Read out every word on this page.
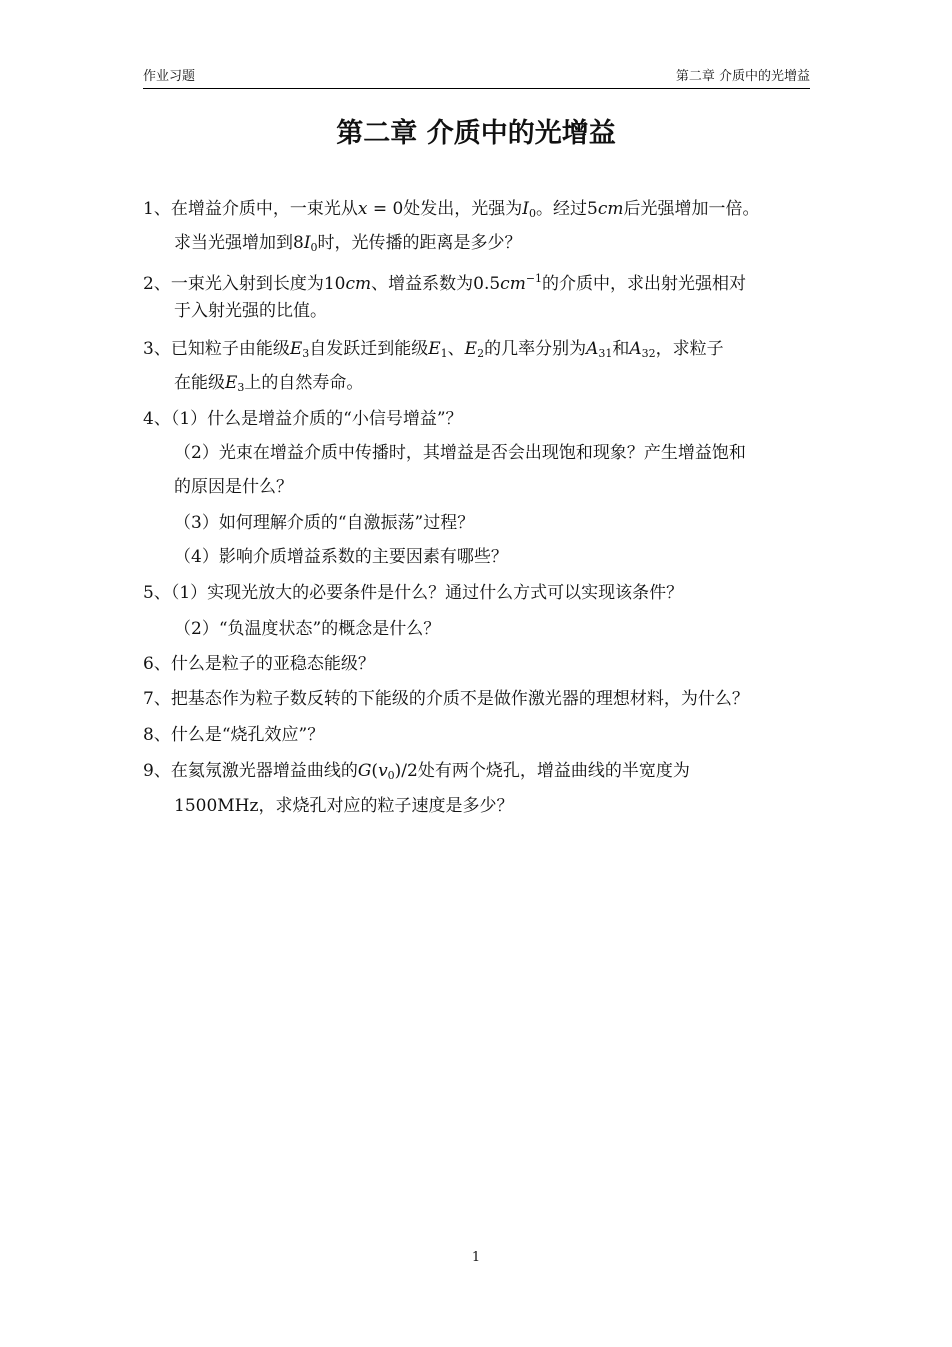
作业习题	第二章 介质中的光增益
第二章 介质中的光增益
1、在增益介质中，一束光从x = 0处发出，光强为$I_0$。经过5cm后光强增加一倍。
求当光强增加到$8I_0$时，光传播的距离是多少？
2、一束光入射到长度为10cm、增益系数为$0.5cm^{-1}$的介质中，求出射光强相对
于入射光强的比值。
3、已知粒子由能级$E_3$自发跃迁到能级$E_1$、$E_2$的几率分别为$A_{31}$和$A_{32}$，求粒子
在能级$E_3$上的自然寿命。
4、（1）什么是增益介质的“小信号增益”？
（2）光束在增益介质中传播时，其增益是否会出现饱和现象？产生增益饱和
的原因是什么？
（3）如何理解介质的“自激振荡”过程？
（4）影响介质增益系数的主要因素有哪些？
5、（1）实现光放大的必要条件是什么？通过什么方式可以实现该条件？
（2）“负温度状态”的概念是什么？
6、什么是粒子的亚稳态能级？
7、把基态作为粒子数反转的下能级的介质不是做作激光器的理想材料，为什么？
8、什么是“烧孔效应”？
9、在氦氖激光器增益曲线的$G(v_0)/2$处有两个烧孔，增益曲线的半宽度为
1500MHz，求烧孔对应的粒子速度是多少？
1
